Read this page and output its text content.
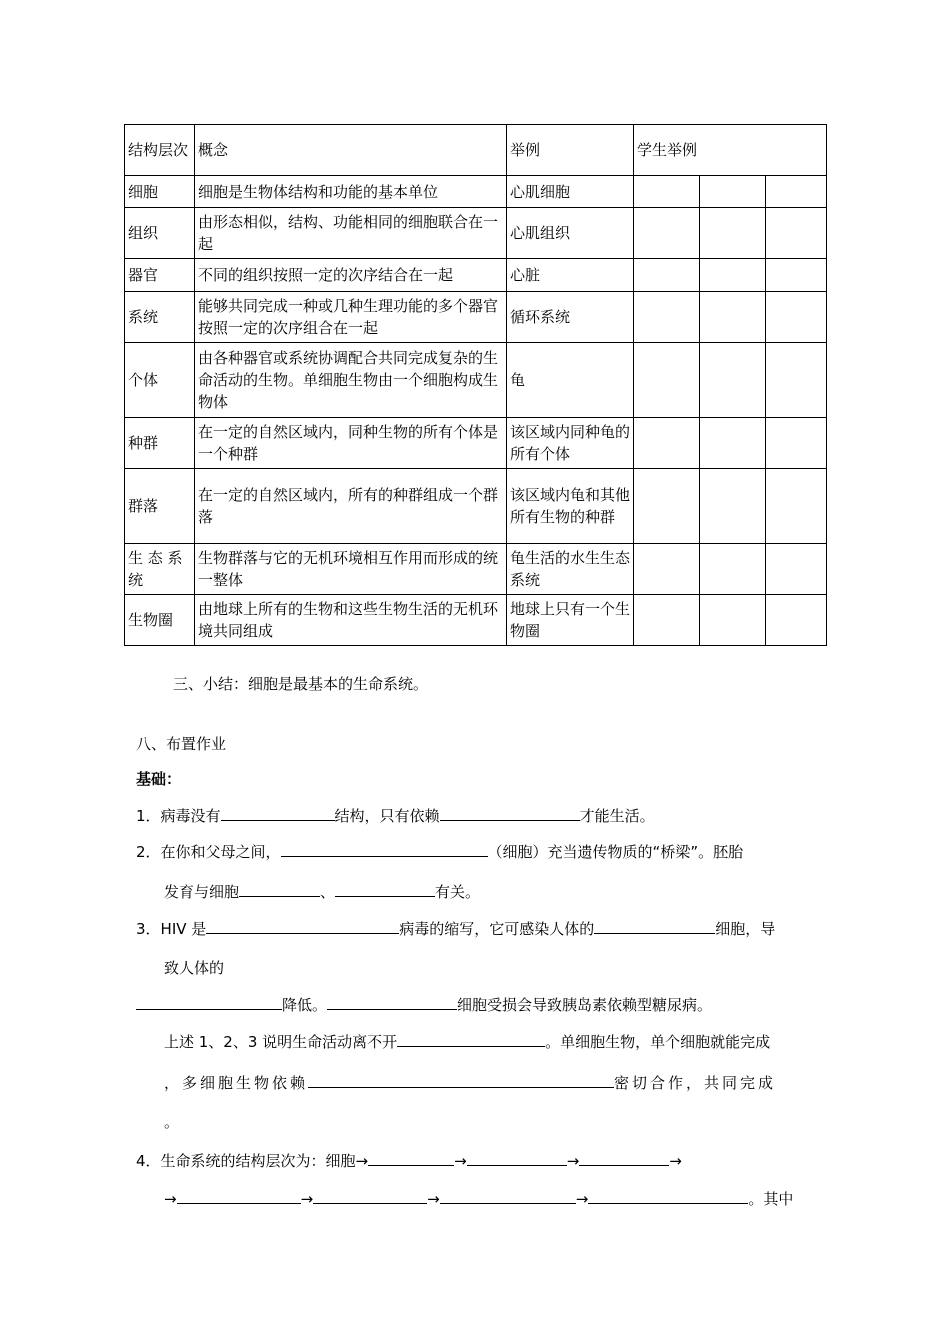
结构层次	概念	举例	学生举例		
细胞	细胞是生物体结构和功能的基本单位	心肌细胞			
组织	由形态相似，结构、功能相同的细胞联合在一起	心肌组织			
器官	不同的组织按照一定的次序结合在一起	心脏			
系统	能够共同完成一种或几种生理功能的多个器官按照一定的次序组合在一起	循环系统			
个体	由各种器官或系统协调配合共同完成复杂的生命活动的生物。单细胞生物由一个细胞构成生物体	龟			
种群	在一定的自然区域内，同种生物的所有个体是一个种群	该区域内同种龟的所有个体			
群落	在一定的自然区域内，所有的种群组成一个群落	该区域内龟和其他所有生物的种群			
生 态 系统	生物群落与它的无机环境相互作用而形成的统一整体	龟生活的水生生态系统			
生物圈	由地球上所有的生物和这些生物生活的无机环境共同组成	地球上只有一个生物圈			
三、小结：细胞是最基本的生命系统。
八、布置作业
基础：
1．病毒没有	结构，只有依赖	才能生活。
2．在你和父母之间，	（细胞）充当遗传物质的“桥梁”。胚胎
发育与细胞	、	有关。
3．HIV 是	病毒的缩写，它可感染人体的	细胞，导
致人体的
降低。	细胞受损会导致胰岛素依赖型糖尿病。
上述 1、2、3 说明生命活动离不开	。单细胞生物，单个细胞就能完成
，多细胞生物依赖	密切合作，共同完成
。
4．生命系统的结构层次为：细胞→	→	→	→
→	→	→	→	。其中
